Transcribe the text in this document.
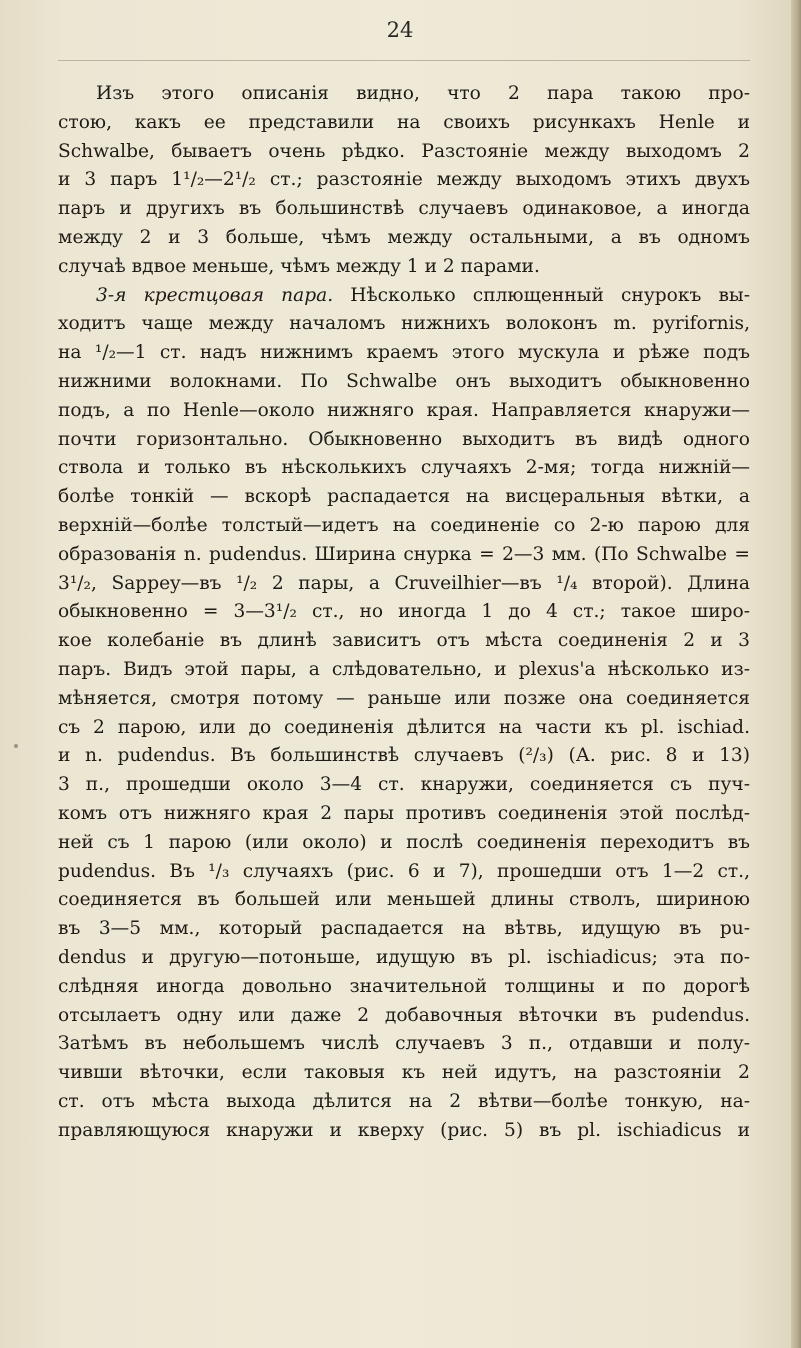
24
Изъ этого описанія видно, что 2 пара такою про-
стою, какъ ее представили на своихъ рисункахъ Henle и
Schwalbe, бываетъ очень рѣдко. Разстояніе между выходомъ 2
и 3 паръ 1¹/₂—2¹/₂ ст.; разстояніе между выходомъ этихъ двухъ
паръ и другихъ въ большинствѣ случаевъ одинаковое, а иногда
между 2 и 3 больше, чѣмъ между остальными, а въ одномъ
случаѣ вдвое меньше, чѣмъ между 1 и 2 парами.
3-я крестцовая пара. Нѣсколько сплющенный снурокъ вы-
ходитъ чаще между началомъ нижнихъ волоконъ m. pyrifornis,
на ¹/₂—1 ст. надъ нижнимъ краемъ этого мускула и рѣже подъ
нижними волокнами. По Schwalbe онъ выходитъ обыкновенно
подъ, а по Henle—около нижняго края. Направляется кнаружи—
почти горизонтально. Обыкновенно выходитъ въ видѣ одного
ствола и только въ нѣсколькихъ случаяхъ 2-мя; тогда нижній—
болѣе тонкій — вскорѣ распадается на висцеральныя вѣтки, а
верхній—болѣе толстый—идетъ на соединеніе со 2-ю парою для
образованія n. pudendus. Ширина снурка = 2—3 мм. (По Schwalbe =
3¹/₂, Sappey—въ ¹/₂ 2 пары, а Cruveilhier—въ ¹/₄ второй). Длина
обыкновенно = 3—3¹/₂ ст., но иногда 1 до 4 ст.; такое широ-
кое колебаніе въ длинѣ зависитъ отъ мѣста соединенія 2 и 3
паръ. Видъ этой пары, а слѣдовательно, и plexus'а нѣсколько из-
мѣняется, смотря потому — раньше или позже она соединяется
съ 2 парою, или до соединенія дѣлится на части къ pl. ischiad.
и n. pudendus. Въ большинствѣ случаевъ (²/₃) (А. рис. 8 и 13)
3 п., прошедши около 3—4 ст. кнаружи, соединяется съ пуч-
комъ отъ нижняго края 2 пары противъ соединенія этой послѣд-
ней съ 1 парою (или около) и послѣ соединенія переходитъ въ
pudendus. Въ ¹/₃ случаяхъ (рис. 6 и 7), прошедши отъ 1—2 ст.,
соединяется въ большей или меньшей длины стволъ, шириною
въ 3—5 мм., который распадается на вѣтвь, идущую въ pu-
dendus и другую—потоньше, идущую въ pl. ischiadicus; эта по-
слѣдняя иногда довольно значительной толщины и по дорогѣ
отсылаетъ одну или даже 2 добавочныя вѣточки въ pudendus.
Затѣмъ въ небольшемъ числѣ случаевъ 3 п., отдавши и полу-
чивши вѣточки, если таковыя къ ней идутъ, на разстояніи 2
ст. отъ мѣста выхода дѣлится на 2 вѣтви—болѣе тонкую, на-
правляющуюся кнаружи и кверху (рис. 5) въ pl. ischiadicus и
